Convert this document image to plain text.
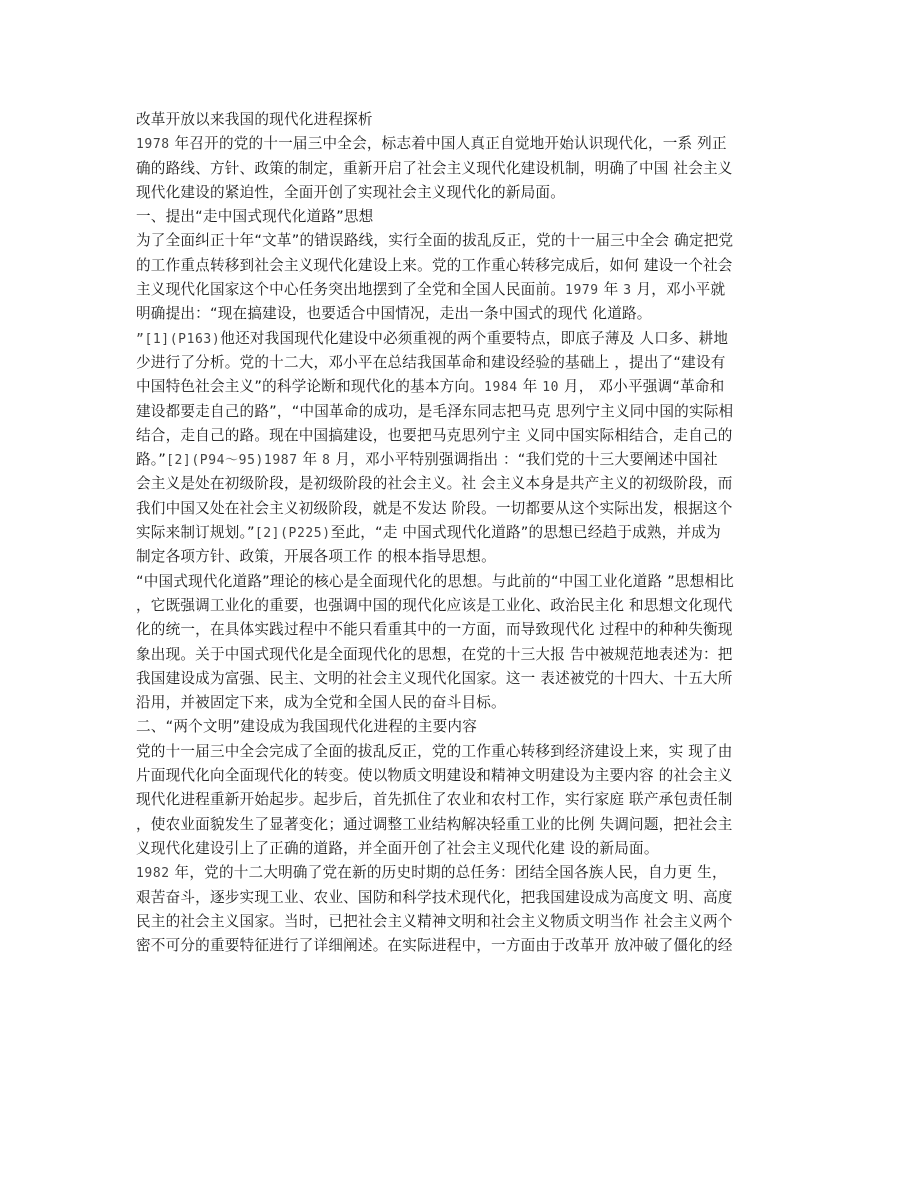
改革开放以来我国的现代化进程探析
1978 年召开的党的十一届三中全会，标志着中国人真正自觉地开始认识现代化，一系 列正
确的路线、方针、政策的制定，重新开启了社会主义现代化建设机制，明确了中国 社会主义
现代化建设的紧迫性，全面开创了实现社会主义现代化的新局面。
一、提出“走中国式现代化道路”思想
为了全面纠正十年“文革”的错误路线，实行全面的拔乱反正，党的十一届三中全会 确定把党
的工作重点转移到社会主义现代化建设上来。党的工作重心转移完成后，如何 建设一个社会
主义现代化国家这个中心任务突出地摆到了全党和全国人民面前。1979 年 3 月，邓小平就
明确提出：“现在搞建设，也要适合中国情况，走出一条中国式的现代 化道路。
”[1](P163)他还对我国现代化建设中必须重视的两个重要特点，即底子薄及 人口多、耕地
少进行了分析。党的十二大，邓小平在总结我国革命和建设经验的基础上 ，提出了“建设有
中国特色社会主义”的科学论断和现代化的基本方向。1984 年 10 月， 邓小平强调“革命和
建设都要走自己的路”，“中国革命的成功，是毛泽东同志把马克 思列宁主义同中国的实际相
结合，走自己的路。现在中国搞建设，也要把马克思列宁主 义同中国实际相结合，走自己的
路。”[2](P94～95)1987 年 8 月，邓小平特别强调指出 ：“我们党的十三大要阐述中国社
会主义是处在初级阶段，是初级阶段的社会主义。社 会主义本身是共产主义的初级阶段，而
我们中国又处在社会主义初级阶段，就是不发达 阶段。一切都要从这个实际出发，根据这个
实际来制订规划。”[2](P225)至此，“走 中国式现代化道路”的思想已经趋于成熟，并成为
制定各项方针、政策，开展各项工作 的根本指导思想。
“中国式现代化道路”理论的核心是全面现代化的思想。与此前的“中国工业化道路 ”思想相比
，它既强调工业化的重要，也强调中国的现代化应该是工业化、政治民主化 和思想文化现代
化的统一，在具体实践过程中不能只看重其中的一方面，而导致现代化 过程中的种种失衡现
象出现。关于中国式现代化是全面现代化的思想，在党的十三大报 告中被规范地表述为：把
我国建设成为富强、民主、文明的社会主义现代化国家。这一 表述被党的十四大、十五大所
沿用，并被固定下来，成为全党和全国人民的奋斗目标。
二、“两个文明”建设成为我国现代化进程的主要内容
党的十一届三中全会完成了全面的拔乱反正，党的工作重心转移到经济建设上来，实 现了由
片面现代化向全面现代化的转变。使以物质文明建设和精神文明建设为主要内容 的社会主义
现代化进程重新开始起步。起步后，首先抓住了农业和农村工作，实行家庭 联产承包责任制
，使农业面貌发生了显著变化；通过调整工业结构解决轻重工业的比例 失调问题，把社会主
义现代化建设引上了正确的道路，并全面开创了社会主义现代化建 设的新局面。
1982 年，党的十二大明确了党在新的历史时期的总任务：团结全国各族人民，自力更 生，
艰苦奋斗，逐步实现工业、农业、国防和科学技术现代化，把我国建设成为高度文 明、高度
民主的社会主义国家。当时，已把社会主义精神文明和社会主义物质文明当作 社会主义两个
密不可分的重要特征进行了详细阐述。在实际进程中，一方面由于改革开 放冲破了僵化的经
